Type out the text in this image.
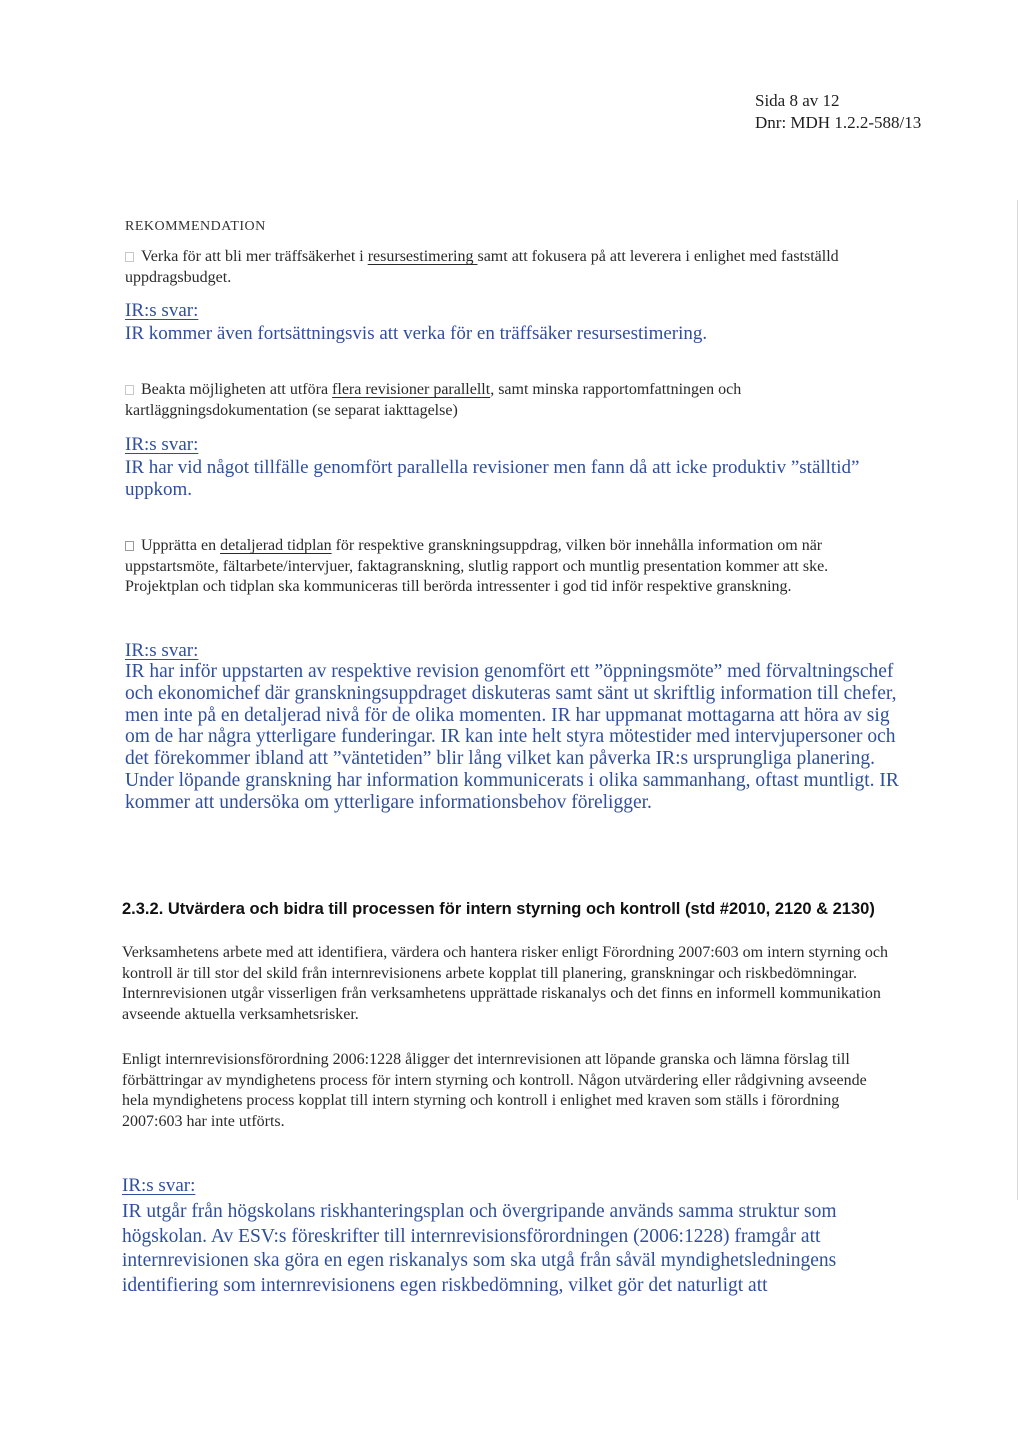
Sida 8 av 12
Dnr: MDH 1.2.2-588/13
REKOMMENDATION
Verka för att bli mer träffsäkerhet i resursestimering samt att fokusera på att leverera i enlighet med fastställd uppdragsbudget.
IR:s svar:
IR kommer även fortsättningsvis att verka för en träffsäker resursestimering.
Beakta möjligheten att utföra flera revisioner parallellt, samt minska rapportomfattningen och kartläggningsdokumentation (se separat iakttagelse)
IR:s svar:
IR har vid något tillfälle genomfört parallella revisioner men fann då att icke produktiv ”ställtid” uppkom.
Upprätta en detaljerad tidplan för respektive granskningsuppdrag, vilken bör innehålla information om när uppstartsmöte, fältarbete/intervjuer, faktagranskning, slutlig rapport och muntlig presentation kommer att ske. Projektplan och tidplan ska kommuniceras till berörda intressenter i god tid inför respektive granskning.
IR:s svar:
IR har inför uppstarten av respektive revision genomfört ett ”öppningsmöte” med förvaltningschef och ekonomichef där granskningsuppdraget diskuteras samt sänt ut skriftlig information till chefer, men inte på en detaljerad nivå för de olika momenten. IR har uppmanat mottagarna att höra av sig om de har några ytterligare funderingar. IR kan inte helt styra mötestider med intervjupersoner och det förekommer ibland att ”väntetiden” blir lång vilket kan påverka IR:s ursprungliga planering. Under löpande granskning har information kommunicerats i olika sammanhang, oftast muntligt. IR kommer att undersöka om ytterligare informationsbehov föreligger.
2.3.2. Utvärdera och bidra till processen för intern styrning och kontroll (std #2010, 2120 & 2130)
Verksamhetens arbete med att identifiera, värdera och hantera risker enligt Förordning 2007:603 om intern styrning och kontroll är till stor del skild från internrevisionens arbete kopplat till planering, granskningar och riskbedömningar. Internrevisionen utgår visserligen från verksamhetens upprättade riskanalys och det finns en informell kommunikation avseende aktuella verksamhetsrisker.
Enligt internrevisionsförordning 2006:1228 åligger det internrevisionen att löpande granska och lämna förslag till förbättringar av myndighetens process för intern styrning och kontroll. Någon utvärdering eller rådgivning avseende hela myndighetens process kopplat till intern styrning och kontroll i enlighet med kraven som ställs i förordning 2007:603 har inte utförts.
IR:s svar:
IR utgår från högskolans riskhanteringsplan och övergripande används samma struktur som högskolan. Av ESV:s föreskrifter till internrevisionsförordningen (2006:1228) framgår att internrevisionen ska göra en egen riskanalys som ska utgå från såväl myndighetsledningens identifiering som internrevisionens egen riskbedömning, vilket gör det naturligt att
